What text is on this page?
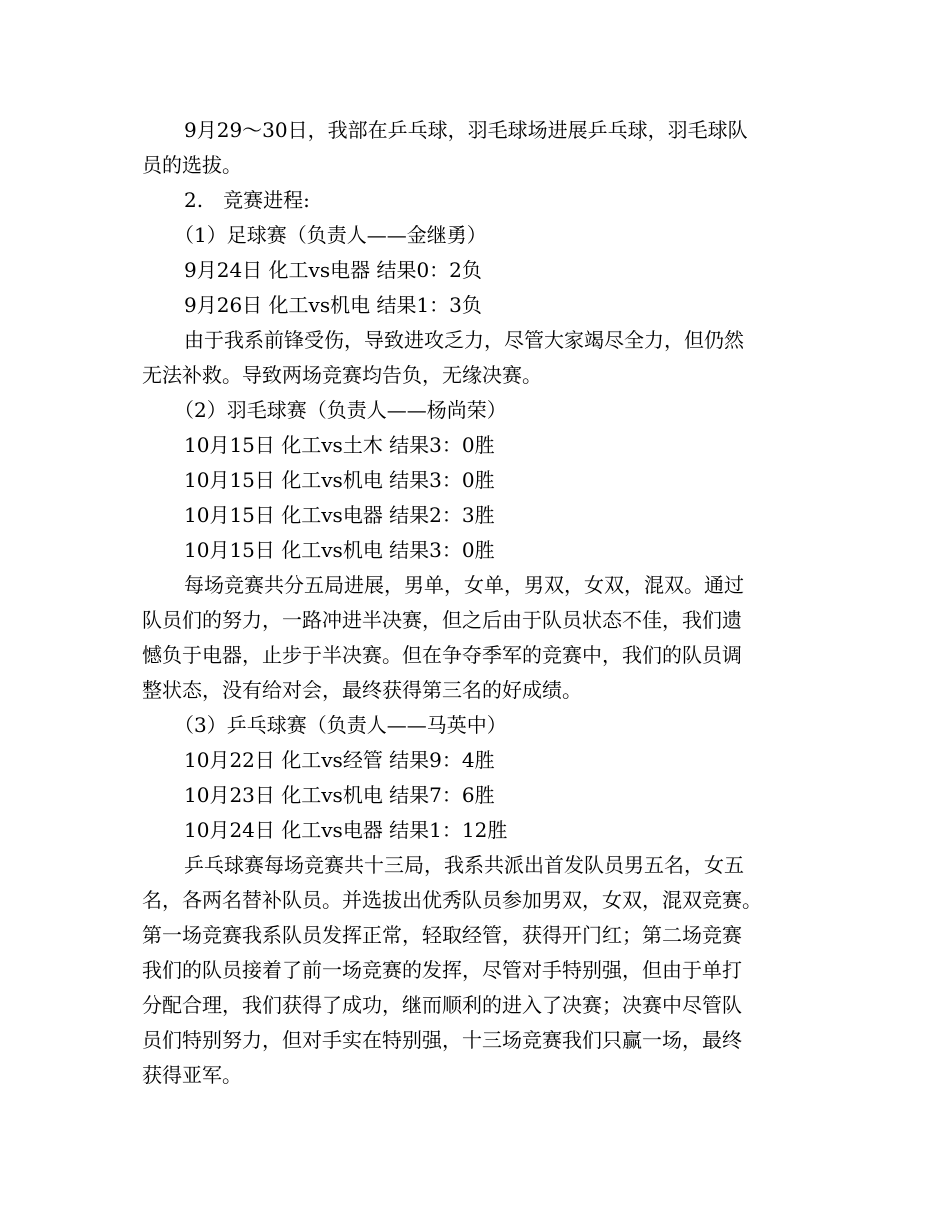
9月29～30日，我部在乒乓球，羽毛球场进展乒乓球，羽毛球队
员的选拔。
2.　竞赛进程:
（1）足球赛（负责人——金继勇）
9月24日 化工vs电器 结果0：2负
9月26日 化工vs机电 结果1：3负
由于我系前锋受伤，导致进攻乏力，尽管大家竭尽全力，但仍然
无法补救。导致两场竞赛均告负，无缘决赛。
（2）羽毛球赛（负责人——杨尚荣）
10月15日 化工vs土木 结果3：0胜
10月15日 化工vs机电 结果3：0胜
10月15日 化工vs电器 结果2：3胜
10月15日 化工vs机电 结果3：0胜
每场竞赛共分五局进展，男单，女单，男双，女双，混双。通过
队员们的努力，一路冲进半决赛，但之后由于队员状态不佳，我们遗
憾负于电器，止步于半决赛。但在争夺季军的竞赛中，我们的队员调
整状态，没有给对会，最终获得第三名的好成绩。
（3）乒乓球赛（负责人——马英中）
10月22日 化工vs经管 结果9：4胜
10月23日 化工vs机电 结果7：6胜
10月24日 化工vs电器 结果1：12胜
乒乓球赛每场竞赛共十三局，我系共派出首发队员男五名，女五
名，各两名替补队员。并选拔出优秀队员参加男双，女双，混双竞赛。
第一场竞赛我系队员发挥正常，轻取经管，获得开门红；第二场竞赛
我们的队员接着了前一场竞赛的发挥，尽管对手特别强，但由于单打
分配合理，我们获得了成功，继而顺利的进入了决赛；决赛中尽管队
员们特别努力，但对手实在特别强，十三场竞赛我们只赢一场，最终
获得亚军。
